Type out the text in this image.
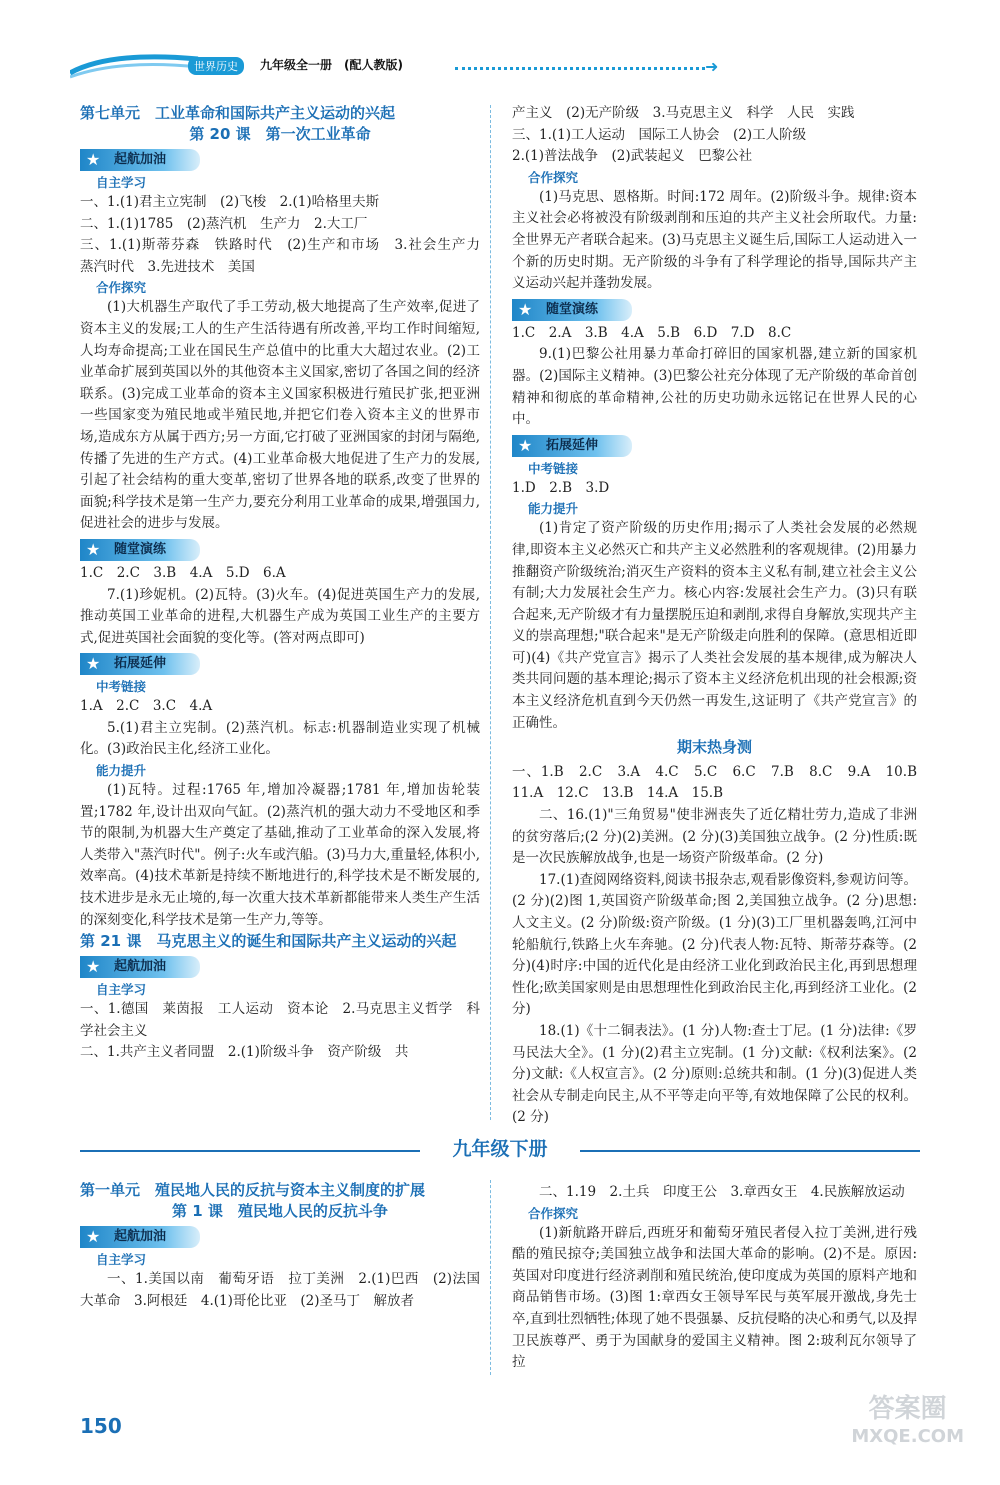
世界历史	九年级全一册　(配人教版)	➜
第七单元　工业革命和国际共产主义运动的兴起
第 20 课　第一次工业革命
★ 起航加油
自主学习

一、1.(1)君主立宪制　(2)飞梭　2.(1)哈格里夫斯

二、1.(1)1785　(2)蒸汽机　生产力　2.大工厂

三、1.(1)斯蒂芬森　铁路时代　(2)生产和市场　3.社会生产力　蒸汽时代　3.先进技术　美国

合作探究

(1)大机器生产取代了手工劳动,极大地提高了生产效率,促进了资本主义的发展;工人的生产生活待遇有所改善,平均工作时间缩短,人均寿命提高;工业在国民生产总值中的比重大大超过农业。(2)工业革命扩展到英国以外的其他资本主义国家,密切了各国之间的经济联系。(3)完成工业革命的资本主义国家积极进行殖民扩张,把亚洲一些国家变为殖民地或半殖民地,并把它们卷入资本主义的世界市场,造成东方从属于西方;另一方面,它打破了亚洲国家的封闭与隔绝,传播了先进的生产方式。(4)工业革命极大地促进了生产力的发展,引起了社会结构的重大变革,密切了世界各地的联系,改变了世界的面貌;科学技术是第一生产力,要充分利用工业革命的成果,增强国力,促进社会的进步与发展。

★ 随堂演练

1.C　2.C　3.B　4.A　5.D　6.A

7.(1)珍妮机。(2)瓦特。(3)火车。(4)促进英国生产力的发展,推动英国工业革命的进程,大机器生产成为英国工业生产的主要方式,促进英国社会面貌的变化等。(答对两点即可)

★ 拓展延伸
中考链接

1.A　2.C　3.C　4.A

5.(1)君主立宪制。(2)蒸汽机。标志:机器制造业实现了机械化。(3)政治民主化,经济工业化。

能力提升

(1)瓦特。过程:1765 年,增加冷凝器;1781 年,增加齿轮装置;1782 年,设计出双向气缸。(2)蒸汽机的强大动力不受地区和季节的限制,为机器大生产奠定了基础,推动了工业革命的深入发展,将人类带入"蒸汽时代"。例子:火车或汽船。(3)马力大,重量轻,体积小,效率高。(4)技术革新是持续不断地进行的,科学技术是不断发展的,技术进步是永无止境的,每一次重大技术革新都能带来人类生产生活的深刻变化,科学技术是第一生产力,等等。

第 21 课　马克思主义的诞生和国际共产主义运动的兴起
★ 起航加油
自主学习

一、1.德国　莱茵报　工人运动　资本论　2.马克思主义哲学　科学社会主义

二、1.共产主义者同盟　2.(1)阶级斗争　资产阶级　共

产主义　(2)无产阶级　3.马克思主义　科学　人民　实践

三、1.(1)工人运动　国际工人协会　(2)工人阶级

2.(1)普法战争　(2)武装起义　巴黎公社

合作探究

(1)马克思、恩格斯。时间:172 周年。(2)阶级斗争。规律:资本主义社会必将被没有阶级剥削和压迫的共产主义社会所取代。力量:全世界无产者联合起来。(3)马克思主义诞生后,国际工人运动进入一个新的历史时期。无产阶级的斗争有了科学理论的指导,国际共产主义运动兴起并蓬勃发展。

★ 随堂演练

1.C　2.A　3.B　4.A　5.B　6.D　7.D　8.C

9.(1)巴黎公社用暴力革命打碎旧的国家机器,建立新的国家机器。(2)国际主义精神。(3)巴黎公社充分体现了无产阶级的革命首创精神和彻底的革命精神,公社的历史功勋永远铭记在世界人民的心中。

★ 拓展延伸
中考链接

1.D　2.B　3.D

能力提升

(1)肯定了资产阶级的历史作用;揭示了人类社会发展的必然规律,即资本主义必然灭亡和共产主义必然胜利的客观规律。(2)用暴力推翻资产阶级统治;消灭生产资料的资本主义私有制,建立社会主义公有制;大力发展社会生产力。核心内容:发展社会生产力。(3)只有联合起来,无产阶级才有力量摆脱压迫和剥削,求得自身解放,实现共产主义的崇高理想;"联合起来"是无产阶级走向胜利的保障。(意思相近即可)(4)《共产党宣言》揭示了人类社会发展的基本规律,成为解决人类共同问题的基本理论;揭示了资本主义经济危机出现的社会根源;资本主义经济危机直到今天仍然一再发生,这证明了《共产党宣言》的正确性。

期末热身测

一、1.B　2.C　3.A　4.C　5.C　6.C　7.B　8.C　9.A　10.B　11.A　12.C　13.B　14.A　15.B

二、16.(1)"三角贸易"使非洲丧失了近亿精壮劳力,造成了非洲的贫穷落后;(2 分)(2)美洲。(2 分)(3)美国独立战争。(2 分)性质:既是一次民族解放战争,也是一场资产阶级革命。(2 分)

17.(1)查阅网络资料,阅读书报杂志,观看影像资料,参观访问等。(2 分)(2)图 1,英国资产阶级革命;图 2,美国独立战争。(2 分)思想:人文主义。(2 分)阶级:资产阶级。(1 分)(3)工厂里机器轰鸣,江河中轮船航行,铁路上火车奔驰。(2 分)代表人物:瓦特、斯蒂芬森等。(2 分)(4)时序:中国的近代化是由经济工业化到政治民主化,再到思想理性化;欧美国家则是由思想理性化到政治民主化,再到经济工业化。(2 分)

18.(1)《十二铜表法》。(1 分)人物:查士丁尼。(1 分)法律:《罗马民法大全》。(1 分)(2)君主立宪制。(1 分)文献:《权利法案》。(2 分)文献:《人权宣言》。(2 分)原则:总统共和制。(1 分)(3)促进人类社会从专制走向民主,从不平等走向平等,有效地保障了公民的权利。(2 分)

九年级下册
第一单元　殖民地人民的反抗与资本主义制度的扩展
第 1 课　殖民地人民的反抗斗争
★ 起航加油
自主学习

一、1.美国以南　葡萄牙语　拉丁美洲　2.(1)巴西　(2)法国大革命　3.阿根廷　4.(1)哥伦比亚　(2)圣马丁　解放者

二、1.19　2.土兵　印度王公　3.章西女王　4.民族解放运动

合作探究

(1)新航路开辟后,西班牙和葡萄牙殖民者侵入拉丁美洲,进行残酷的殖民掠夺;美国独立战争和法国大革命的影响。(2)不是。原因:英国对印度进行经济剥削和殖民统治,使印度成为英国的原料产地和商品销售市场。(3)图 1:章西女王领导军民与英军展开激战,身先士卒,直到壮烈牺牲;体现了她不畏强暴、反抗侵略的决心和勇气,以及捍卫民族尊严、勇于为国献身的爱国主义精神。图 2:玻利瓦尔领导了拉

150
答案圈
MXQE.COM
